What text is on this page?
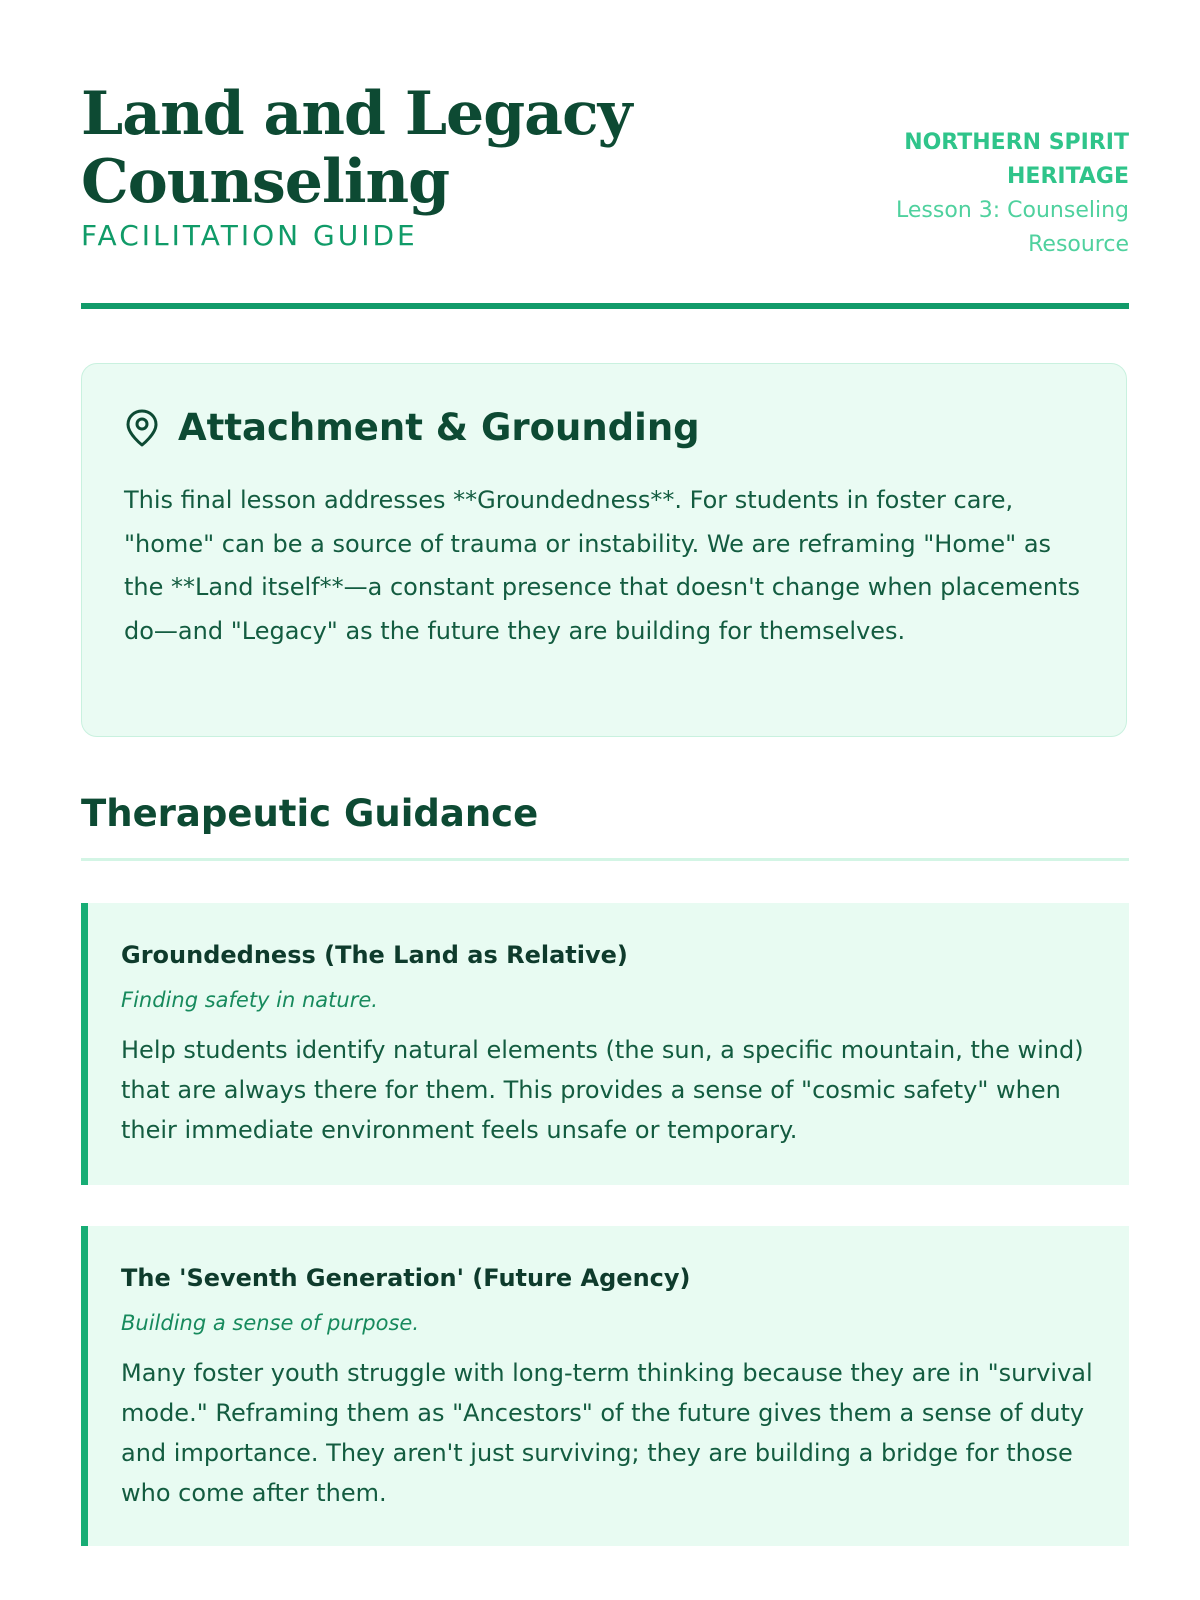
Land and Legacy Counseling
FACILITATION GUIDE
NORTHERN SPIRIT HERITAGE
Lesson 3: Counseling Resource
Attachment & Grounding

This final lesson addresses **Groundedness**. For students in foster care, "home" can be a source of trauma or instability. We are reframing "Home" as the **Land itself**—a constant presence that doesn't change when placements do—and "Legacy" as the future they are building for themselves.

Therapeutic Guidance
Groundedness (The Land as Relative)

Finding safety in nature.

Help students identify natural elements (the sun, a specific mountain, the wind) that are always there for them. This provides a sense of "cosmic safety" when their immediate environment feels unsafe or temporary.

The 'Seventh Generation' (Future Agency)

Building a sense of purpose.

Many foster youth struggle with long-term thinking because they are in "survival mode." Reframing them as "Ancestors" of the future gives them a sense of duty and importance. They aren't just surviving; they are building a bridge for those who come after them.
